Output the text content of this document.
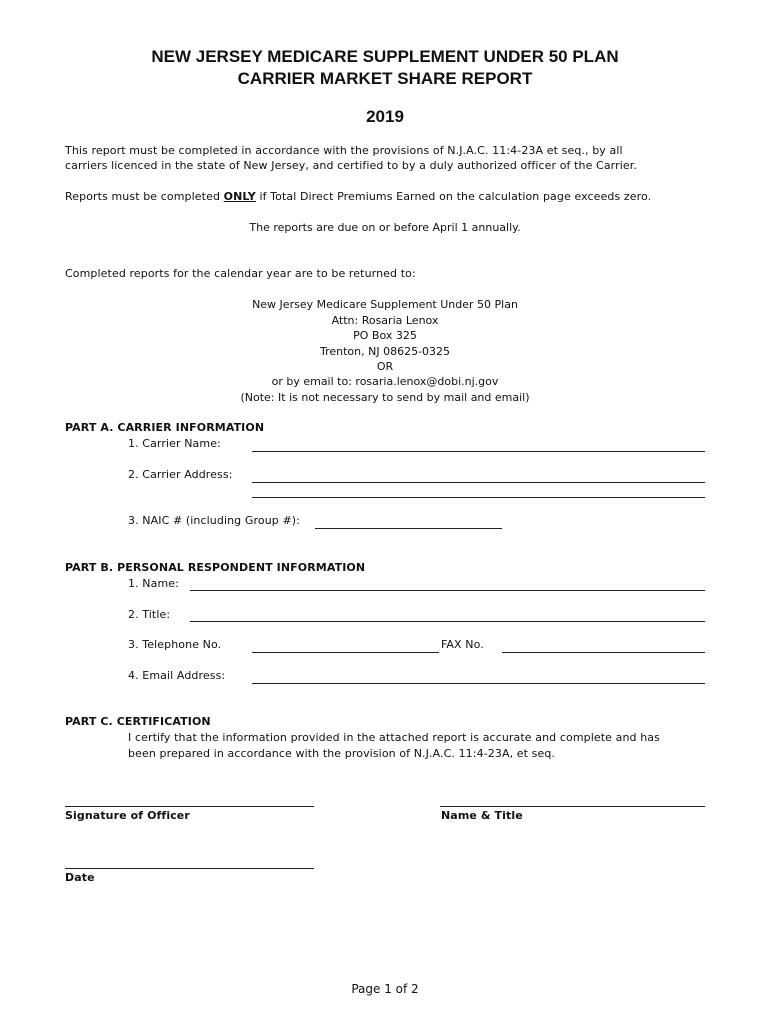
NEW JERSEY MEDICARE SUPPLEMENT UNDER 50 PLAN
CARRIER MARKET SHARE REPORT
2019
This report must be completed in accordance with the provisions of N.J.A.C. 11:4-23A et seq., by all
carriers licenced in the state of New Jersey, and certified to by a duly authorized officer of the Carrier.
Reports must be completed ONLY if Total Direct Premiums Earned on the calculation page exceeds zero.
The reports are due on or before April 1 annually.
Completed reports for the calendar year are to be returned to:
New Jersey Medicare Supplement Under 50 Plan
Attn: Rosaria Lenox
PO Box 325
Trenton, NJ 08625-0325
OR
or by email to: rosaria.lenox@dobi.nj.gov
(Note: It is not necessary to send by mail and email)
PART A. CARRIER INFORMATION
1. Carrier Name:
2. Carrier Address:
3. NAIC # (including Group #):
PART B. PERSONAL RESPONDENT INFORMATION
1. Name:
2. Title:
3. Telephone No.	FAX No.
4. Email Address:
PART C. CERTIFICATION
I certify that the information provided in the attached report is accurate and complete and has
been prepared in accordance with the provision of N.J.A.C. 11:4-23A, et seq.
Signature of Officer	Name & Title
Date
Page 1 of 2
